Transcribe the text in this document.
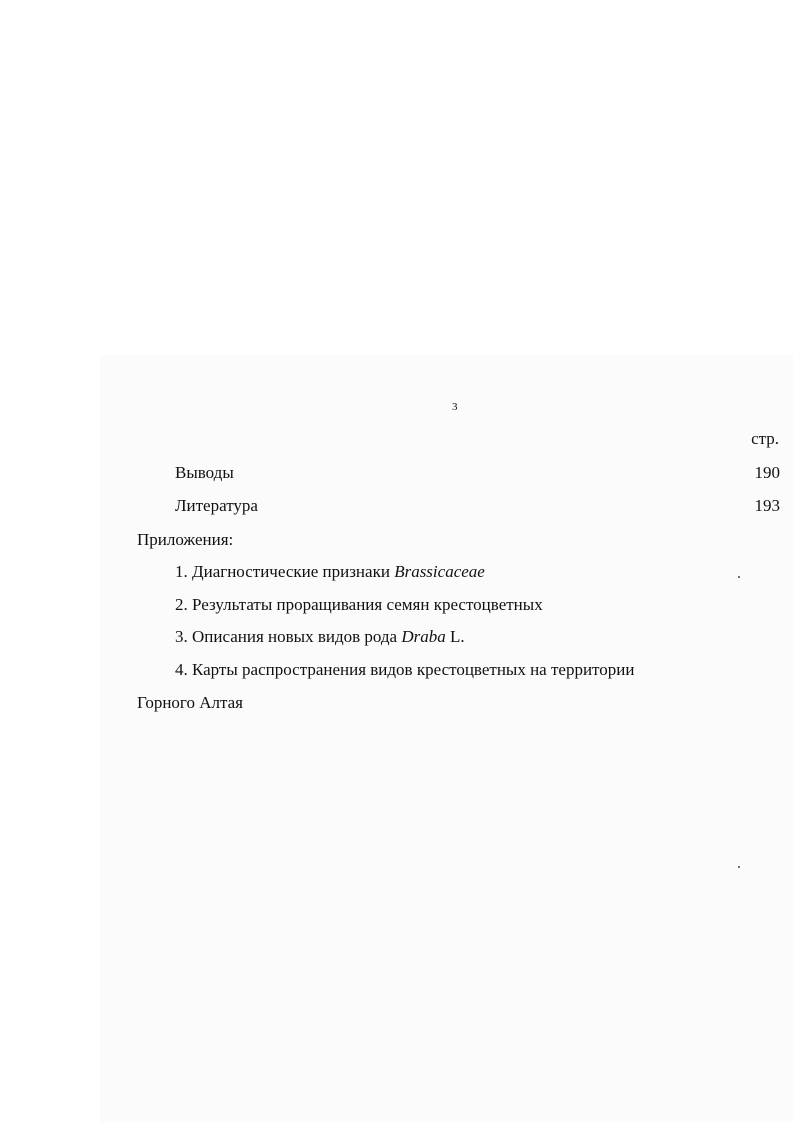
3
стр.
Выводы	190
Литература	193
Приложения:
1. Диагностические признаки Brassicaceae
2. Результаты проращивания семян крестоцветных
3. Описания новых видов рода Draba L.
4. Карты распространения видов крестоцветных на территории
Горного Алтая
